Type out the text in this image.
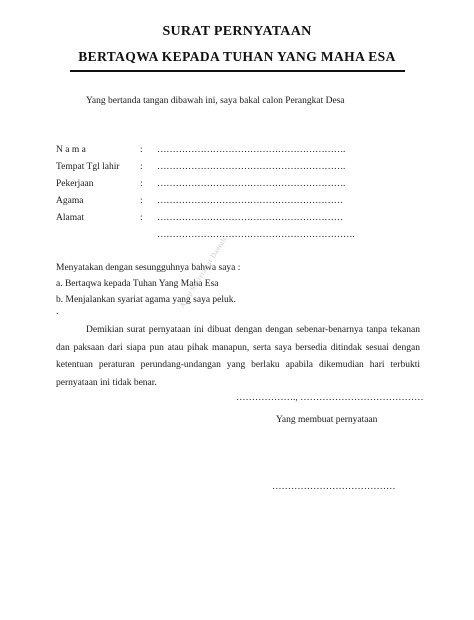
SURAT PERNYATAAN
BERTAQWA KEPADA TUHAN YANG MAHA ESA
Yang bertanda tangan dibawah ini, saya bakal calon Perangkat Desa
N a m a	: …………………………………………………….
Tempat Tgl lahir : …………………………………………………….
Pekerjaan	: …………………………………………………….
Agama	: ……………………………………………………
Alamat	: ……………………………………………………
……………………………………………………….
Menyatakan dengan sesungguhnya bahwa saya :
a. Bertaqwa kepada Tuhan Yang Maha Esa
b. Menjalankan syariat agama yang saya peluk.
.
Demikian surat pernyataan ini dibuat dengan dengan sebenar-benarnya tanpa tekanan
dan paksaan dari siapa pun atau pihak manapun, serta saya bersedia ditindak sesuai dengan
ketentuan peraturan perundang-undangan yang berlaku apabila dikemudian hari terbukti
pernyataan ini tidak benar.
………………., …………………………………
Yang membuat pernyataan
…………………………………
Arsip Sekretariat Daerah
